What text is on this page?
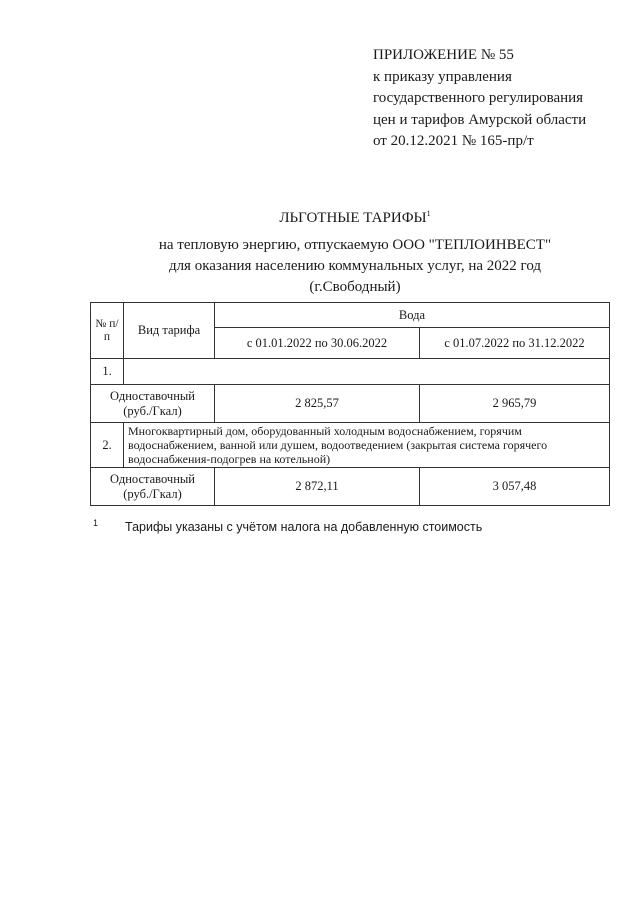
ПРИЛОЖЕНИЕ № 55
к приказу управления
государственного регулирования
цен и тарифов Амурской области
от 20.12.2021 № 165-пр/т
ЛЬГОТНЫЕ ТАРИФЫ$^1$
на тепловую энергию, отпускаемую ООО "ТЕПЛОИНВЕСТ"
для оказания населению коммунальных услуг, на 2022 год
(г.Свободный)
№ п/п	Вид тарифа	Вода	
		с 01.01.2022 по 30.06.2022	с 01.07.2022 по 31.12.2022
1.			
Одноставочный (руб./Гкал)		2 825,57	2 965,79
2.	Многоквартирный дом, оборудованный холодным водоснабжением, горячим водоснабжением, ванной или душем, водоотведением (закрытая система горячего водоснабжения-подогрев на котельной)		
Одноставочный (руб./Гкал)		2 872,11	3 057,48
1 Тарифы указаны с учётом налога на добавленную стоимость
